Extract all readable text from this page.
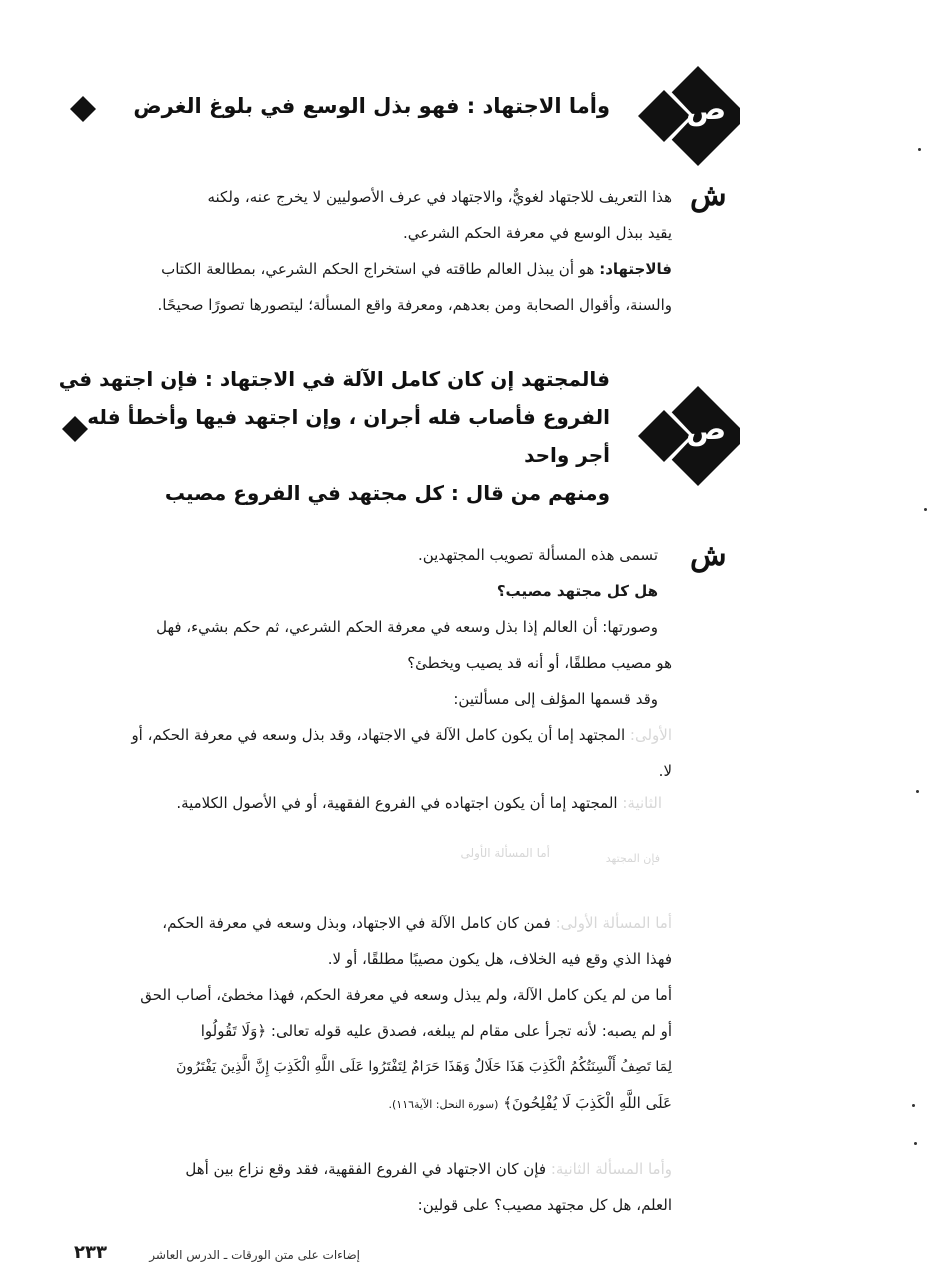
ص
وأما الاجتهاد : فهو بذل الوسع في بلوغ الغرض
ش
هذا التعريف للاجتهاد لغويٌّ، والاجتهاد في عرف الأصوليين لا يخرج عنه، ولكنه
يقيد ببذل الوسع في معرفة الحكم الشرعي.
فالاجتهاد: هو أن يبذل العالم طاقته في استخراج الحكم الشرعي، بمطالعة الكتاب
والسنة، وأقوال الصحابة ومن بعدهم، ومعرفة واقع المسألة؛ ليتصورها تصورًا صحيحًا.
ص
فالمجتهد إن كان كامل الآلة في الاجتهاد : فإن اجتهد في
الفروع فأصاب فله أجران ، وإن اجتهد فيها وأخطأ فله
أجر واحد
ومنهم من قال : كل مجتهد في الفروع مصيب
ش
تسمى هذه المسألة تصويب المجتهدين.
هل كل مجتهد مصيب؟
وصورتها: أن العالم إذا بذل وسعه في معرفة الحكم الشرعي، ثم حكم بشيء، فهل
هو مصيب مطلقًا، أو أنه قد يصيب ويخطئ؟
وقد قسمها المؤلف إلى مسألتين:
الأولى: المجتهد إما أن يكون كامل الآلة في الاجتهاد، وقد بذل وسعه في معرفة الحكم، أو
لا.
الثانية: المجتهد إما أن يكون اجتهاده في الفروع الفقهية، أو في الأصول الكلامية.
أما المسألة الأولى	فإن المجتهد
أما المسألة الأولى: فمن كان كامل الآلة في الاجتهاد، وبذل وسعه في معرفة الحكم،
فهذا الذي وقع فيه الخلاف، هل يكون مصيبًا مطلقًا، أو لا.
أما من لم يكن كامل الآلة، ولم يبذل وسعه في معرفة الحكم، فهذا مخطئ، أصاب الحق
أو لم يصبه: لأنه تجرأ على مقام لم يبلغه، فصدق عليه قوله تعالى: ﴿وَلَا تَقُولُوا
لِمَا تَصِفُ أَلْسِنَتُكُمُ الْكَذِبَ هَذَا حَلَالٌ وَهَذَا حَرَامٌ لِتَفْتَرُوا عَلَى اللَّهِ الْكَذِبَ إِنَّ الَّذِينَ يَفْتَرُونَ
عَلَى اللَّهِ الْكَذِبَ لَا يُفْلِحُونَ﴾ (سورة النحل: الآية١١٦).
وأما المسألة الثانية: فإن كان الاجتهاد في الفروع الفقهية، فقد وقع نزاع بين أهل
العلم، هل كل مجتهد مصيب؟ على قولين:
٢٣٣	إضاءات على متن الورقات ـ الدرس العاشر
